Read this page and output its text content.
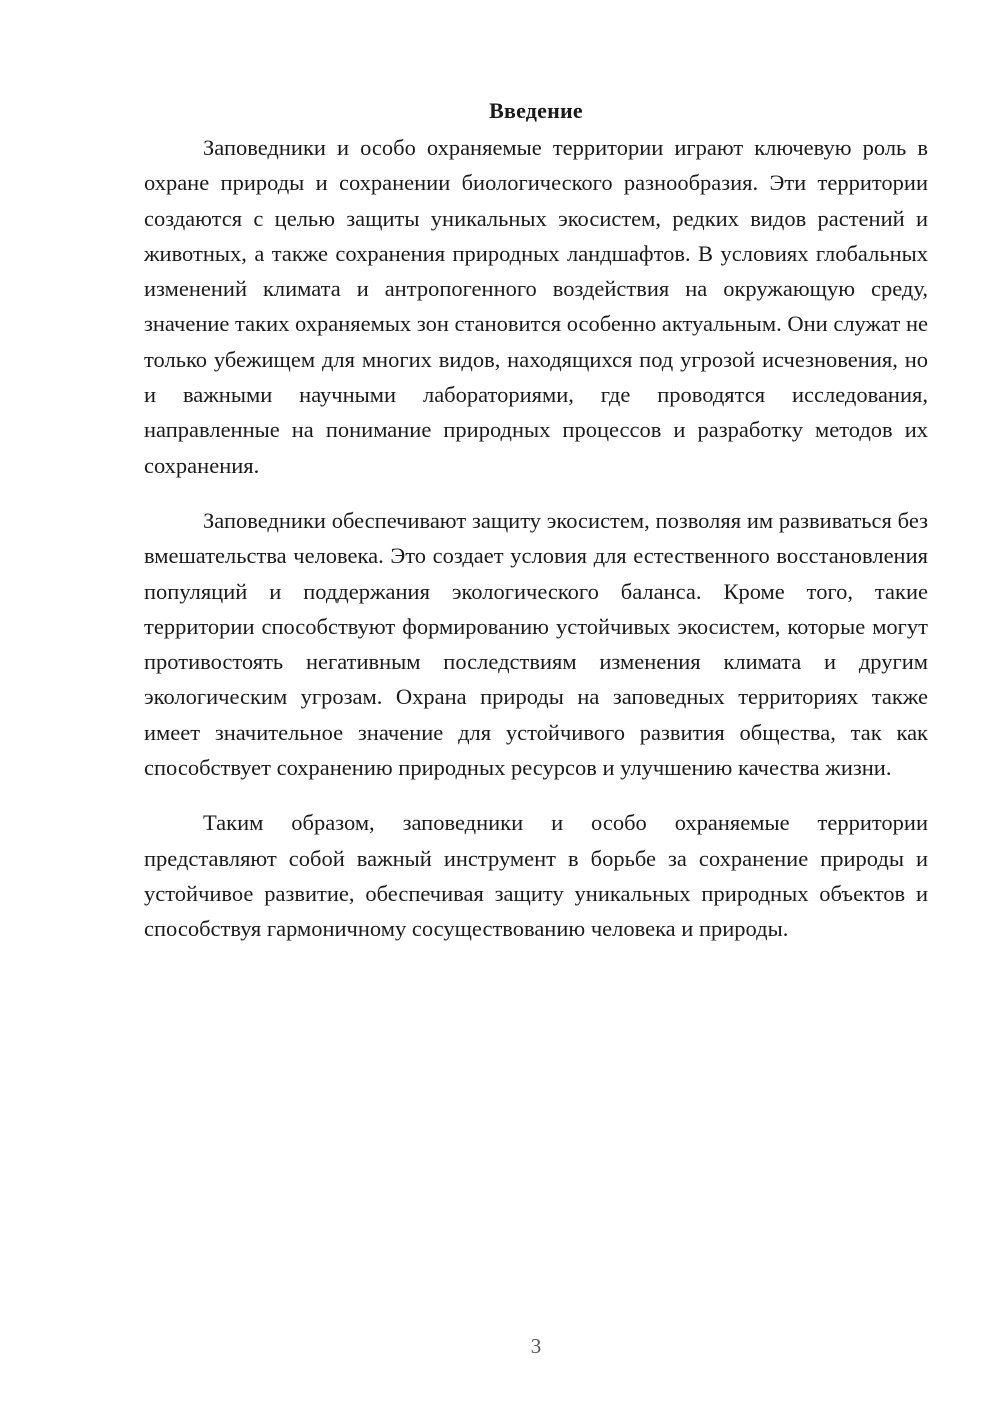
Введение

Заповедники и особо охраняемые территории играют ключевую роль в охране природы и сохранении биологического разнообразия. Эти территории создаются с целью защиты уникальных экосистем, редких видов растений и животных, а также сохранения природных ландшафтов. В условиях глобальных изменений климата и антропогенного воздействия на окружающую среду, значение таких охраняемых зон становится особенно актуальным. Они служат не только убежищем для многих видов, находящихся под угрозой исчезновения, но и важными научными лабораториями, где проводятся исследования, направленные на понимание природных процессов и разработку методов их сохранения.

Заповедники обеспечивают защиту экосистем, позволяя им развиваться без вмешательства человека. Это создает условия для естественного восстановления популяций и поддержания экологического баланса. Кроме того, такие территории способствуют формированию устойчивых экосистем, которые могут противостоять негативным последствиям изменения климата и другим экологическим угрозам. Охрана природы на заповедных территориях также имеет значительное значение для устойчивого развития общества, так как способствует сохранению природных ресурсов и улучшению качества жизни.

Таким образом, заповедники и особо охраняемые территории представляют собой важный инструмент в борьбе за сохранение природы и устойчивое развитие, обеспечивая защиту уникальных природных объектов и способствуя гармоничному сосуществованию человека и природы.

3
